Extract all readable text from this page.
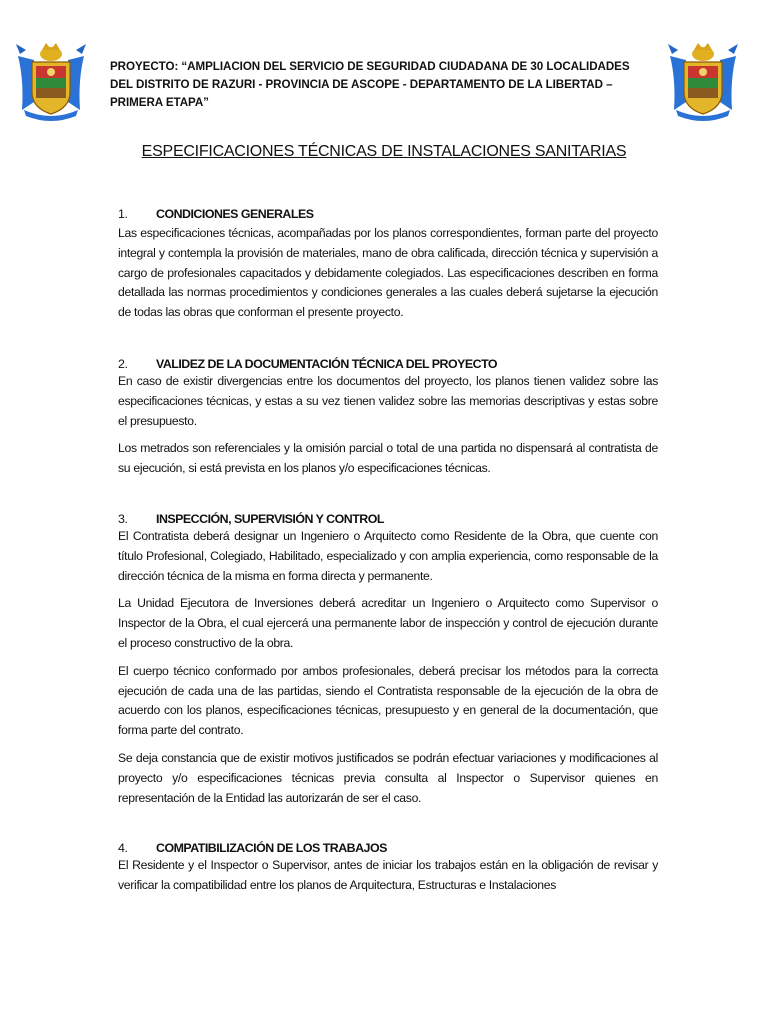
PROYECTO: “AMPLIACION DEL SERVICIO DE SEGURIDAD CIUDADANA DE 30 LOCALIDADES DEL DISTRITO DE RAZURI - PROVINCIA DE ASCOPE - DEPARTAMENTO DE LA LIBERTAD – PRIMERA ETAPA”
ESPECIFICACIONES TÉCNICAS DE INSTALACIONES SANITARIAS
1.	CONDICIONES GENERALES

Las especificaciones técnicas, acompañadas por los planos correspondientes, forman parte del proyecto integral y contempla la provisión de materiales, mano de obra calificada, dirección técnica y supervisión a cargo de profesionales capacitados y debidamente colegiados. Las especificaciones describen en forma detallada las normas procedimientos y condiciones generales a las cuales deberá sujetarse la ejecución de todas las obras que conforman el presente proyecto.

2.	VALIDEZ DE LA DOCUMENTACIÓN TÉCNICA DEL PROYECTO

En caso de existir divergencias entre los documentos del proyecto, los planos tienen validez sobre las especificaciones técnicas, y estas a su vez tienen validez sobre las memorias descriptivas y estas sobre el presupuesto.

Los metrados son referenciales y la omisión parcial o total de una partida no dispensará al contratista de su ejecución, si está prevista en los planos y/o especificaciones técnicas.

3.	INSPECCIÓN, SUPERVISIÓN Y CONTROL

El Contratista deberá designar un Ingeniero o Arquitecto como Residente de la Obra, que cuente con título Profesional, Colegiado, Habilitado, especializado y con amplia experiencia, como responsable de la dirección técnica de la misma en forma directa y permanente.

La Unidad Ejecutora de Inversiones deberá acreditar un Ingeniero o Arquitecto como Supervisor o Inspector de la Obra, el cual ejercerá una permanente labor de inspección y control de ejecución durante el proceso constructivo de la obra.

El cuerpo técnico conformado por ambos profesionales, deberá precisar los métodos para la correcta ejecución de cada una de las partidas, siendo el Contratista responsable de la ejecución de la obra de acuerdo con los planos, especificaciones técnicas, presupuesto y en general de la documentación, que forma parte del contrato.

Se deja constancia que de existir motivos justificados se podrán efectuar variaciones y modificaciones al proyecto y/o especificaciones técnicas previa consulta al Inspector o Supervisor quienes en representación de la Entidad las autorizarán de ser el caso.

4.	COMPATIBILIZACIÓN DE LOS TRABAJOS

El Residente y el Inspector o Supervisor, antes de iniciar los trabajos están en la obligación de revisar y verificar la compatibilidad entre los planos de Arquitectura, Estructuras e Instalaciones
